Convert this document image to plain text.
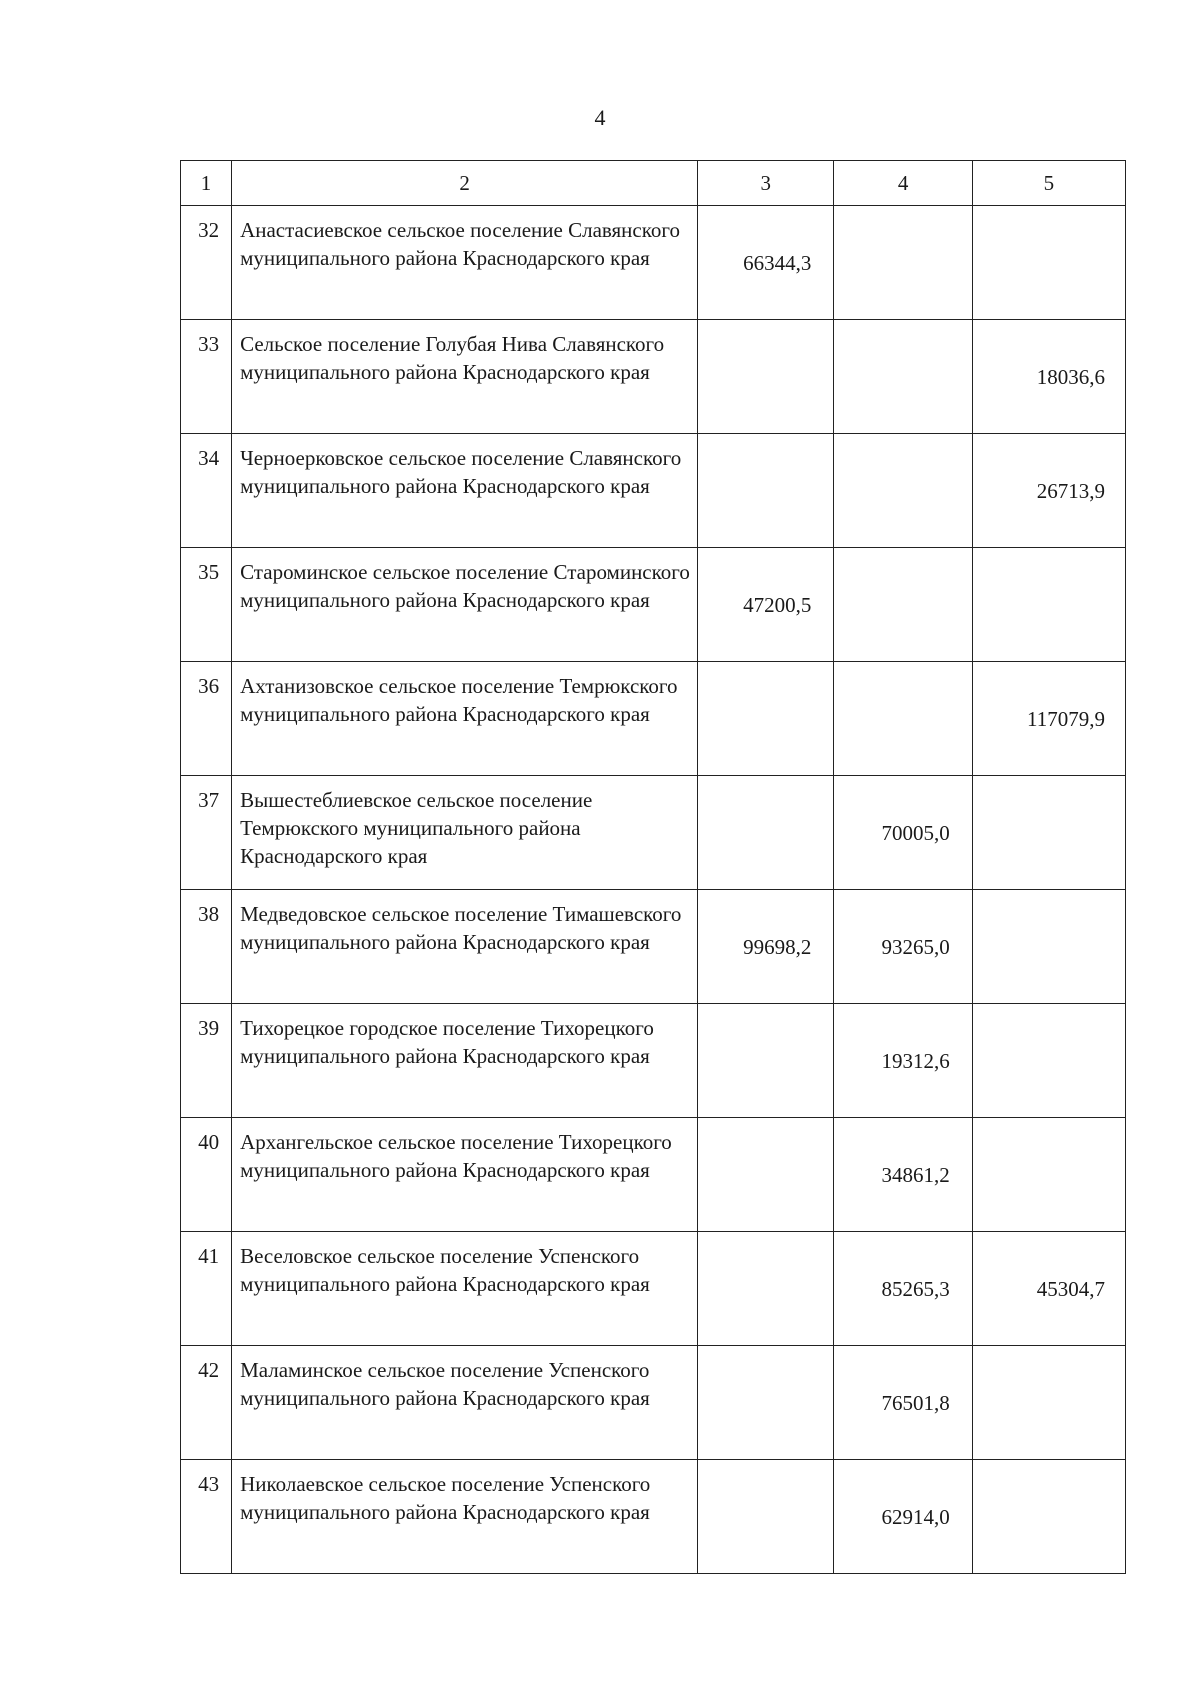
4
1	2	3	4	5
32	Анастасиевское сельское поселение Славянского муниципального района Краснодарского края	66344,3		
33	Сельское поселение Голубая Нива Славянского муниципального района Краснодарского края			18036,6
34	Черноерковское сельское поселение Славянского муниципального района Краснодарского края			26713,9
35	Староминское сельское поселение Староминского муниципального района Краснодарского края	47200,5		
36	Ахтанизовское сельское поселение Темрюкского муниципального района Краснодарского края			117079,9
37	Вышестеблиевское сельское поселение Темрюкского муниципального района Краснодарского края		70005,0	
38	Медведовское сельское поселение Тимашевского муниципального района Краснодарского края	99698,2	93265,0	
39	Тихорецкое городское поселение Тихорецкого муниципального района Краснодарского края		19312,6	
40	Архангельское сельское поселение Тихорецкого муниципального района Краснодарского края		34861,2	
41	Веселовское сельское поселение Успенского муниципального района Краснодарского края		85265,3	45304,7
42	Маламинское сельское поселение Успенского муниципального района Краснодарского края		76501,8	
43	Николаевское сельское поселение Успенского муниципального района Краснодарского края		62914,0	
